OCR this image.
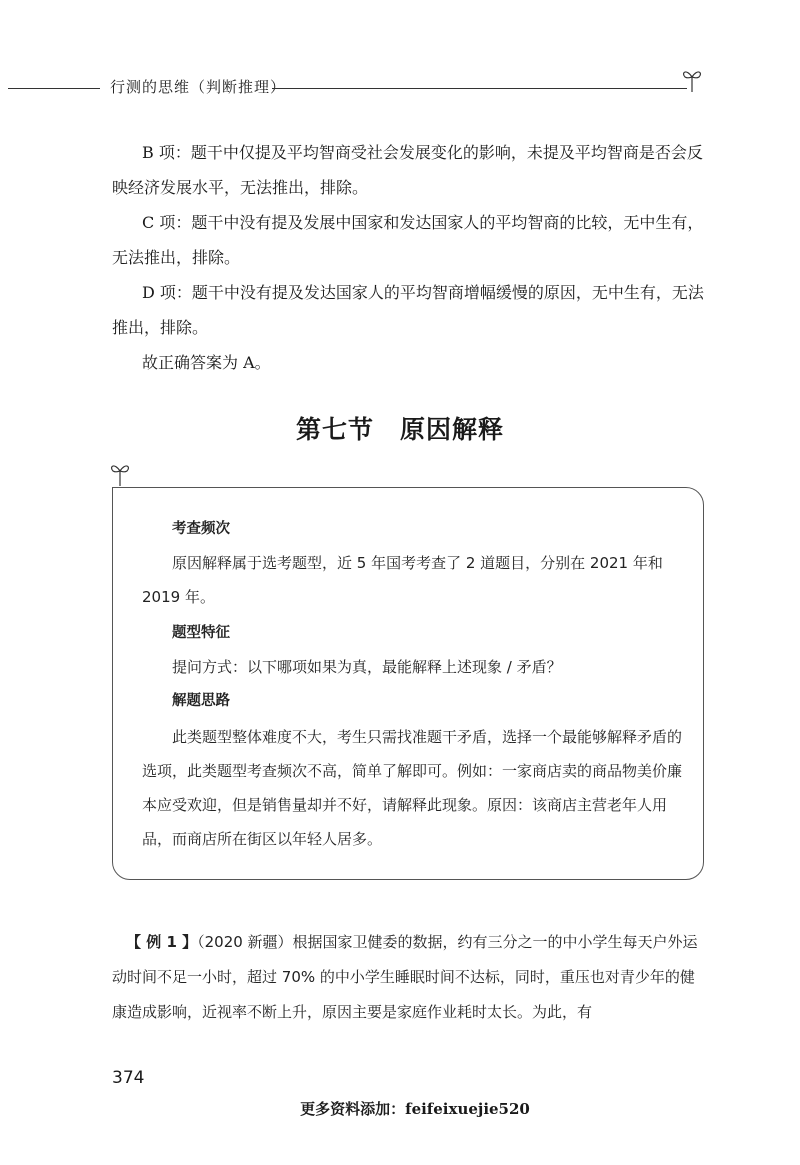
行测的思维（判断推理）

B 项：题干中仅提及平均智商受社会发展变化的影响，未提及平均智商是否会反映经济发展水平，无法推出，排除。

C 项：题干中没有提及发展中国家和发达国家人的平均智商的比较，无中生有，无法推出，排除。

D 项：题干中没有提及发达国家人的平均智商增幅缓慢的原因，无中生有，无法推出，排除。

故正确答案为 A。

第七节　原因解释

考查频次

原因解释属于选考题型，近 5 年国考考查了 2 道题目，分别在 2021 年和 2019 年。

题型特征

提问方式：以下哪项如果为真，最能解释上述现象 / 矛盾？

解题思路

此类题型整体难度不大，考生只需找准题干矛盾，选择一个最能够解释矛盾的选项，此类题型考查频次不高，简单了解即可。例如：一家商店卖的商品物美价廉本应受欢迎，但是销售量却并不好，请解释此现象。原因：该商店主营老年人用品，而商店所在街区以年轻人居多。

【 例 1 】（2020 新疆）根据国家卫健委的数据，约有三分之一的中小学生每天户外运动时间不足一小时，超过 70% 的中小学生睡眠时间不达标，同时，重压也对青少年的健康造成影响，近视率不断上升，原因主要是家庭作业耗时太长。为此，有

374
更多资料添加：feifeixuejie520
